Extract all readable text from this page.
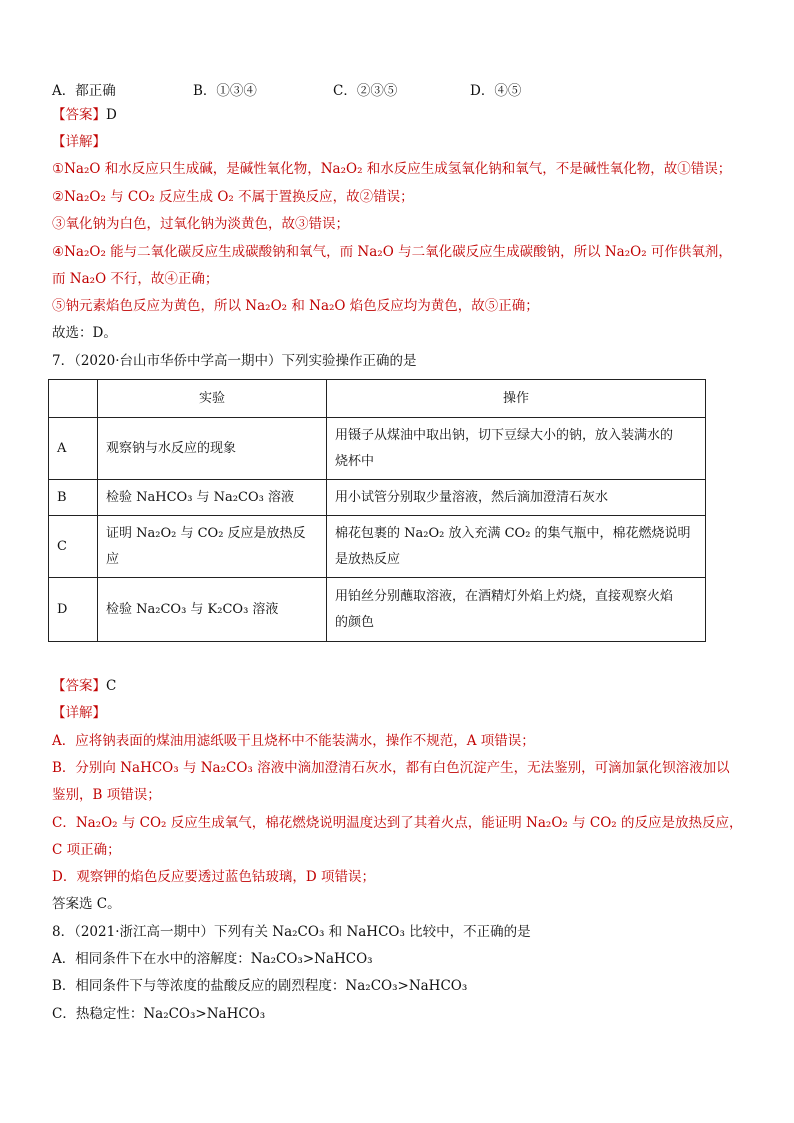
A．都正确	B．①③④	C．②③⑤	D．④⑤
【答案】D
【详解】
①Na₂O 和水反应只生成碱，是碱性氧化物，Na₂O₂ 和水反应生成氢氧化钠和氧气，不是碱性氧化物，故①错误；
②Na₂O₂ 与 CO₂ 反应生成 O₂ 不属于置换反应，故②错误；
③氧化钠为白色，过氧化钠为淡黄色，故③错误；
④Na₂O₂ 能与二氧化碳反应生成碳酸钠和氧气，而 Na₂O 与二氧化碳反应生成碳酸钠，所以 Na₂O₂ 可作供氧剂，
而 Na₂O 不行，故④正确；
⑤钠元素焰色反应为黄色，所以 Na₂O₂ 和 Na₂O 焰色反应均为黄色，故⑤正确；
故选：D。
7．（2020·台山市华侨中学高一期中）下列实验操作正确的是
	实验	操作
A	观察钠与水反应的现象	用镊子从煤油中取出钠，切下豆绿大小的钠，放入装满水的
烧杯中
B	检验 NaHCO₃ 与 Na₂CO₃ 溶液	用小试管分别取少量溶液，然后滴加澄清石灰水
C	证明 Na₂O₂ 与 CO₂ 反应是放热反应	棉花包裹的 Na₂O₂ 放入充满 CO₂ 的集气瓶中，棉花燃烧说明
是放热反应
D	检验 Na₂CO₃ 与 K₂CO₃ 溶液	用铂丝分别蘸取溶液，在酒精灯外焰上灼烧，直接观察火焰
的颜色
【答案】C
【详解】
A．应将钠表面的煤油用滤纸吸干且烧杯中不能装满水，操作不规范，A 项错误；
B．分别向 NaHCO₃ 与 Na₂CO₃ 溶液中滴加澄清石灰水，都有白色沉淀产生，无法鉴别，可滴加氯化钡溶液加以
鉴别，B 项错误；
C．Na₂O₂ 与 CO₂ 反应生成氧气，棉花燃烧说明温度达到了其着火点，能证明 Na₂O₂ 与 CO₂ 的反应是放热反应，
C 项正确；
D．观察钾的焰色反应要透过蓝色钴玻璃，D 项错误；
答案选 C。
8．（2021·浙江高一期中）下列有关 Na₂CO₃ 和 NaHCO₃ 比较中，不正确的是
A．相同条件下在水中的溶解度：Na₂CO₃>NaHCO₃
B．相同条件下与等浓度的盐酸反应的剧烈程度：Na₂CO₃>NaHCO₃
C．热稳定性：Na₂CO₃>NaHCO₃
